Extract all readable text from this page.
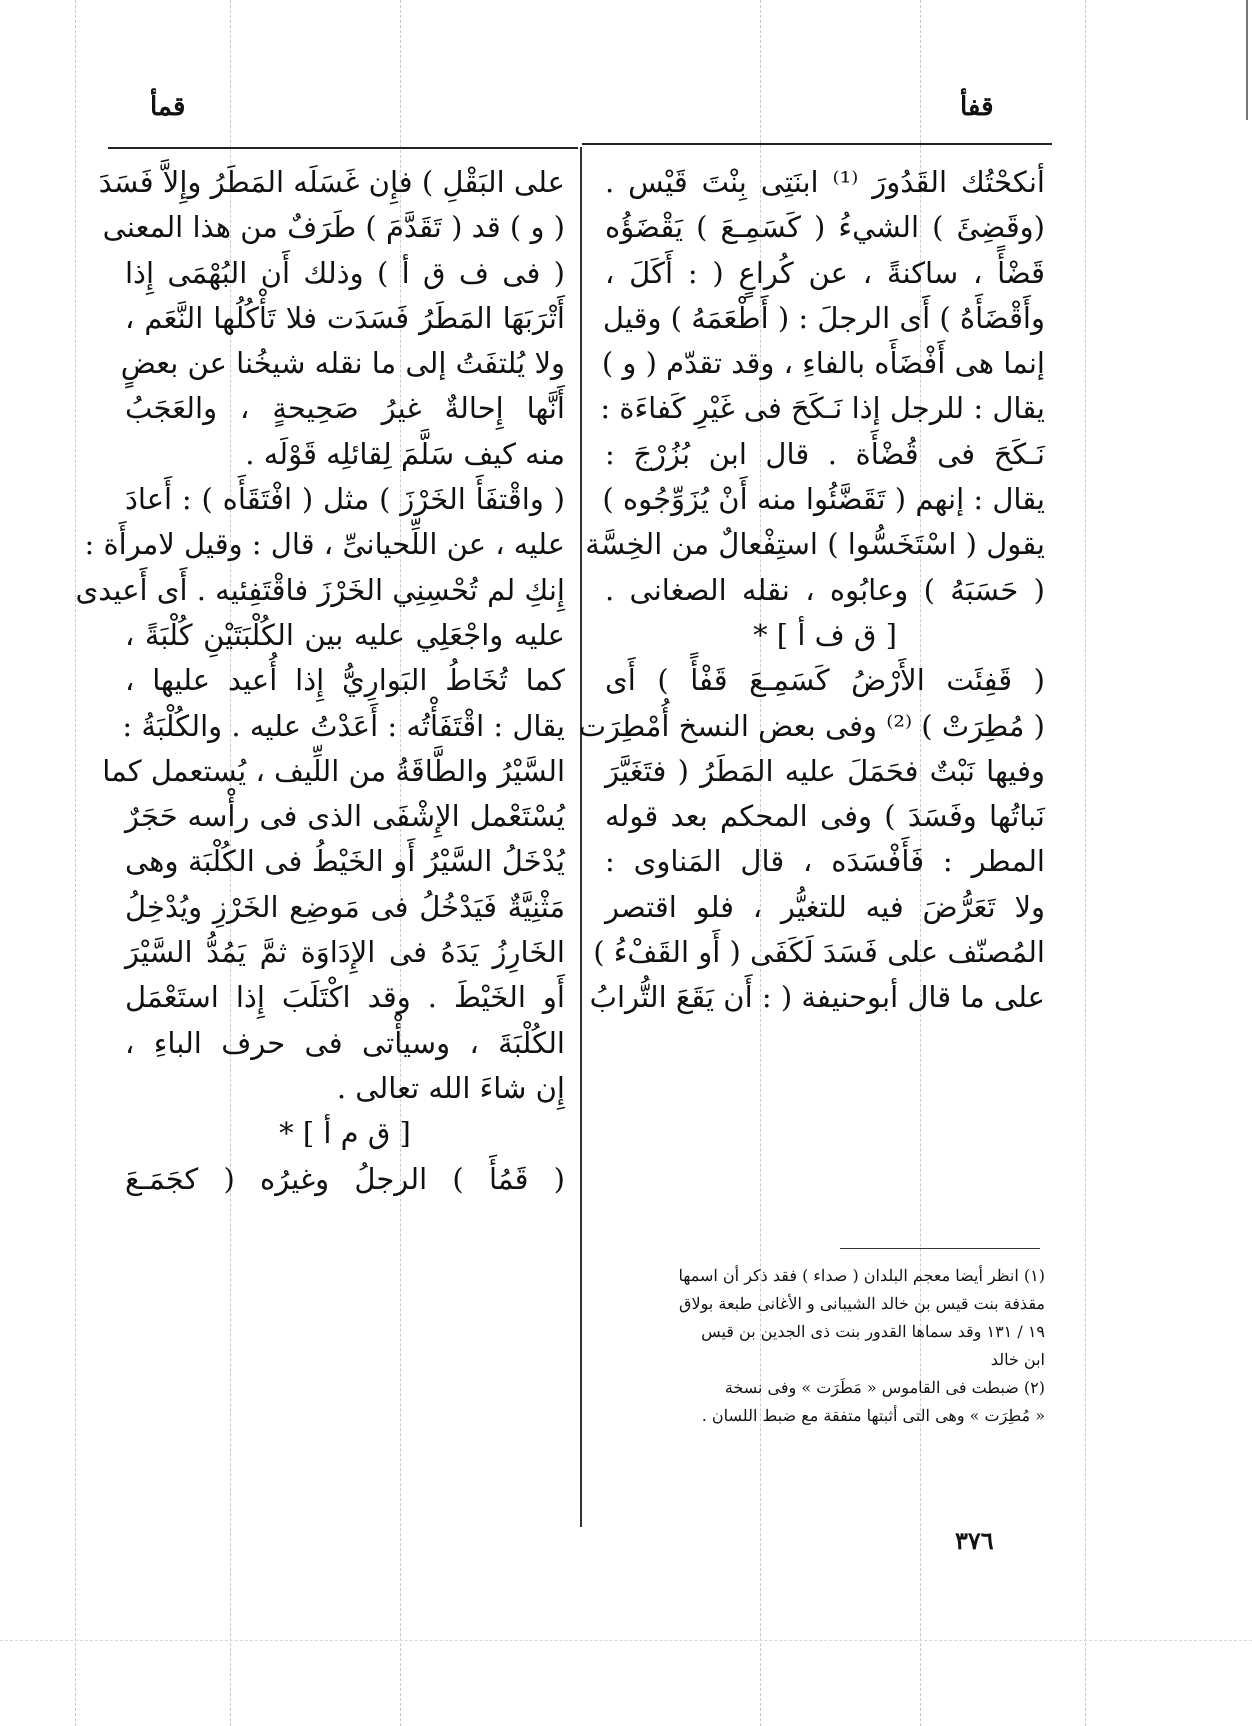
قفأ
قمأ
أنكحْتُك القَدُورَ ⁽¹⁾ ابنَتِى بِنْتَ قَيْس .
(وقَضِئَ ) الشيءُ ( كَسَمِـعَ ) يَقْضَؤُه
قَضْأً ، ساكنةً ، عن كُراعٍ ( : أَكَلَ ،
وأَقْضَأَهُ ) أَى الرجلَ : ( أَطْعَمَهُ ) وقيل
إنما هى أَفْضَأَه بالفاءِ ، وقد تقدّم ( و )
يقال : للرجل إذا نَـكَحَ فى غَيْرِ كَفاءَة :
نَـكَحَ فى قُضْأَة . قال ابن بُزُرْجَ :
يقال : إنهم ( تَقَضَّئُوا منه أَنْ يُزَوِّجُوه )
يقول ( اسْتَخَسُّوا ) استِفْعالٌ من الخِسَّة
( حَسَبَهُ ) وعابُوه ، نقله الصغانى .
[ ق ف أ ] *
( قَفِئَت الأَرْضُ كَسَمِـعَ قَفْأً ) أَى
( مُطِرَتْ ) ⁽²⁾ وفى بعض النسخ أُمْطِرَت
وفيها نَبْتٌ فحَمَلَ عليه المَطَرُ ( فتَغَيَّرَ
نَباتُها وفَسَدَ ) وفى المحكم بعد قوله
المطر : فَأَفْسَدَه ، قال المَناوى :
ولا تَعَرُّضَ فيه للتغيُّر ، فلو اقتصر
المُصنّف على فَسَدَ لَكَفَى ( أَو القَفْءُ )
على ما قال أبوحنيفة ( : أَن يَقَعَ التُّرابُ
(١) انظر أيضا معجم البلدان ( صداء ) فقد ذكر أن اسمها
مقذفة بنت قيس بن خالد الشيبانى و الأغانى طبعة بولاق
١٩ / ١٣١ وقد سماها القدور بنت ذى الجدين بن قيس
ابن خالد
(٢) ضبطت فى القاموس « مَطَرَت » وفى نسخة
« مُطِرَت » وهى التى أثبتها متفقة مع ضبط اللسان .
على البَقْلِ ) فإِن غَسَلَه المَطَرُ وإِلاَّ فَسَدَ
( و ) قد ( تَقَدَّمَ ) طَرَفٌ من هذا المعنى
( فى ف ق أ ) وذلك أَن البُهْمَى إِذا
أَتْرَبَهَا المَطَرُ فَسَدَت فلا تَأْكُلُها النَّعَم ،
ولا يُلتفَتُ إلى ما نقله شيخُنا عن بعضٍ
أَنَّها إِحالةٌ غيرُ صَحِيحةٍ ، والعَجَبُ
منه كيف سَلَّمَ لِقائلِه قَوْلَه .
( واقْتفَأَ الخَرْزَ ) مثل ( افْتَقَأَه ) : أَعادَ
عليه ، عن اللِّحيانىِّ ، قال : وقيل لامرأَة :
إِنكِ لم تُحْسِنِي الخَرْزَ فاقْتَفِئيه . أَى أَعيدى
عليه واجْعَلِي عليه بين الكُلْبَتَيْنِ كُلْبَةً ،
كما تُخَاطُ البَوارِيُّ إِذا أُعيد عليها ،
يقال : اقْتَفَأْتُه : أَعَدْتُ عليه . والكُلْبَةُ :
السَّيْرُ والطَّاقَةُ من اللِّيف ، يُستعمل كما
يُسْتَعْمل الإِشْفَى الذى فى رأْسه حَجَرٌ
يُدْخَلُ السَّيْرُ أَو الخَيْطُ فى الكُلْبَة وهى
مَثْنِيَّةٌ فَيَدْخُلُ فى مَوضِع الخَرْزِ ويُدْخِلُ
الخَارِزُ يَدَهُ فى الإِدَاوَة ثمَّ يَمُدُّ السَّيْرَ
أَو الخَيْطَ . وقد اكْتَلَبَ إِذا استَعْمَل
الكُلْبَةَ ، وسيأْتى فى حرف الباءِ ،
إِن شاءَ الله تعالى .
[ ق م أ ] *
( قَمُأَ ) الرجلُ وغيرُه ( كجَمَـعَ
٣٧٦
